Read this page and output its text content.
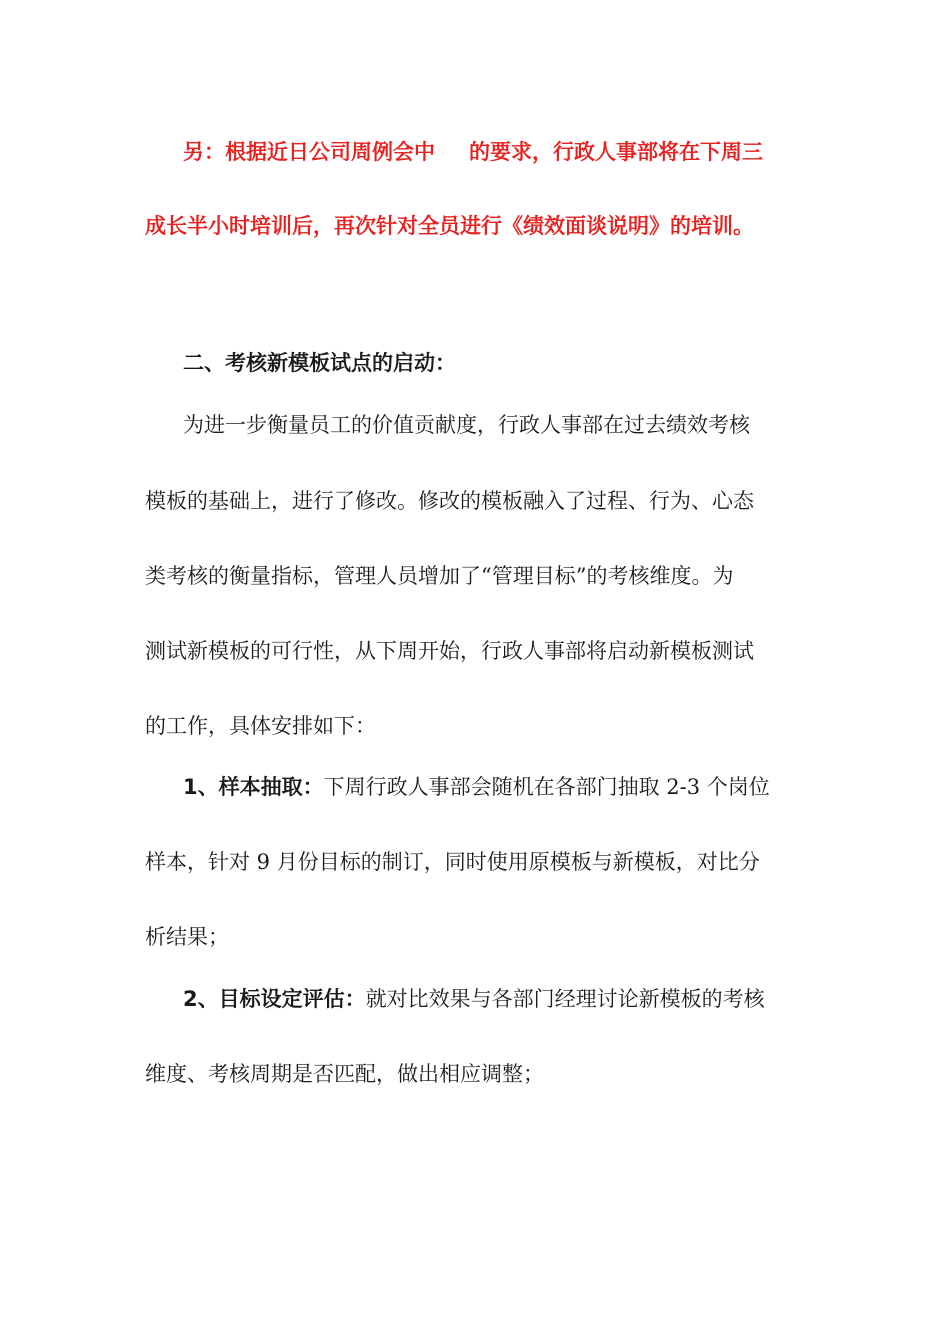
另：根据近日公司周例会中 的要求，行政人事部将在下周三
成长半小时培训后，再次针对全员进行《绩效面谈说明》的培训。
二、考核新模板试点的启动：
为进一步衡量员工的价值贡献度，行政人事部在过去绩效考核
模板的基础上，进行了修改。修改的模板融入了过程、行为、心态
类考核的衡量指标，管理人员增加了“管理目标”的考核维度。为
测试新模板的可行性，从下周开始，行政人事部将启动新模板测试
的工作，具体安排如下：
1、样本抽取：下周行政人事部会随机在各部门抽取 2-3 个岗位
样本，针对 9 月份目标的制订，同时使用原模板与新模板，对比分
析结果；
2、目标设定评估：就对比效果与各部门经理讨论新模板的考核
维度、考核周期是否匹配，做出相应调整；
